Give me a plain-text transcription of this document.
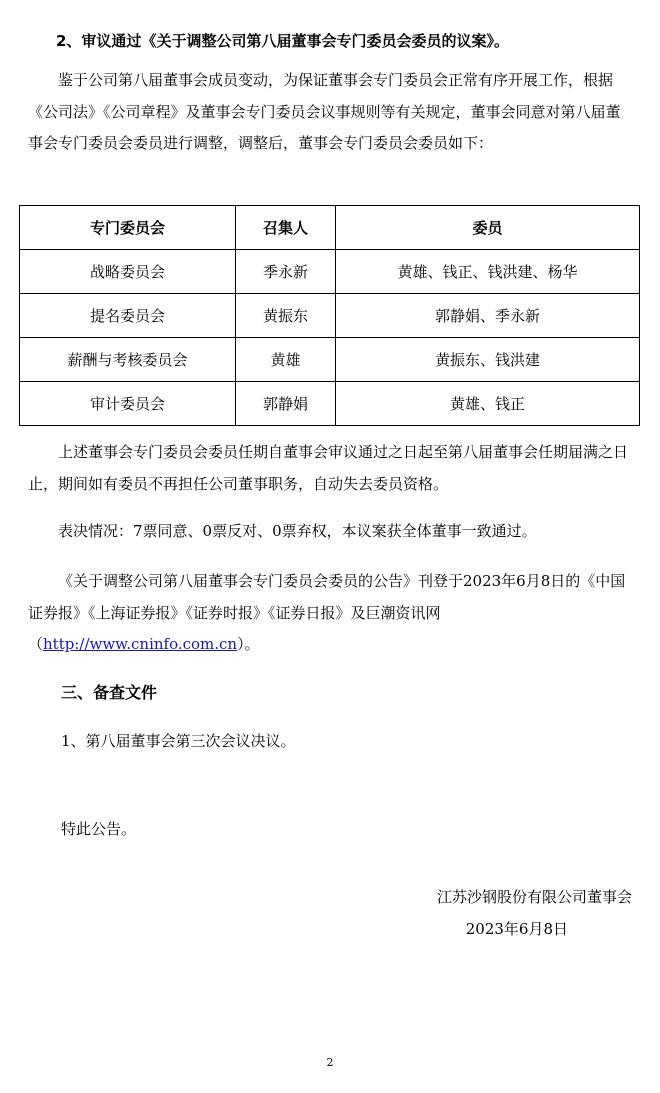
2、审议通过《关于调整公司第八届董事会专门委员会委员的议案》。
鉴于公司第八届董事会成员变动，为保证董事会专门委员会正常有序开展工作，根据《公司法》《公司章程》及董事会专门委员会议事规则等有关规定，董事会同意对第八届董事会专门委员会委员进行调整，调整后，董事会专门委员会委员如下：
专门委员会	召集人	委员
战略委员会	季永新	黄雄、钱正、钱洪建、杨华
提名委员会	黄振东	郭静娟、季永新
薪酬与考核委员会	黄雄	黄振东、钱洪建
审计委员会	郭静娟	黄雄、钱正
上述董事会专门委员会委员任期自董事会审议通过之日起至第八届董事会任期届满之日止，期间如有委员不再担任公司董事职务，自动失去委员资格。
表决情况：7票同意、0票反对、0票弃权，本议案获全体董事一致通过。
《关于调整公司第八届董事会专门委员会委员的公告》刊登于2023年6月8日的《中国证券报》《上海证券报》《证券时报》《证券日报》及巨潮资讯网（http://www.cninfo.com.cn）。
三、备查文件
1、第八届董事会第三次会议决议。
特此公告。
江苏沙钢股份有限公司董事会
2023年6月8日
2
